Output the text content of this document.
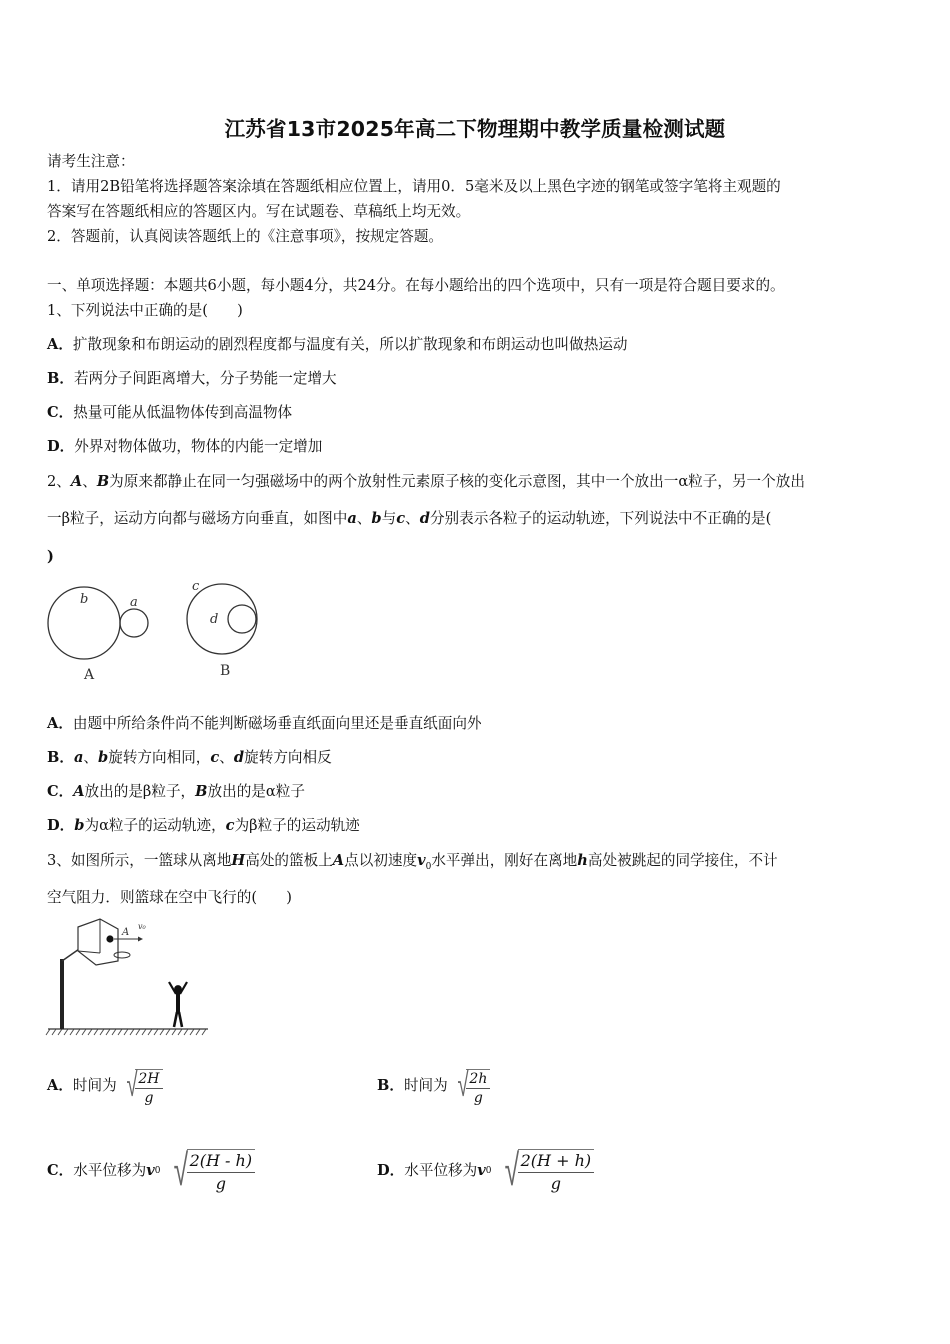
江苏省13市2025年高二下物理期中教学质量检测试题
请考生注意：
1．请用2B铅笔将选择题答案涂填在答题纸相应位置上，请用0．5毫米及以上黑色字迹的钢笔或签字笔将主观题的
答案写在答题纸相应的答题区内。写在试题卷、草稿纸上均无效。
2．答题前，认真阅读答题纸上的《注意事项》，按规定答题。
一、单项选择题：本题共6小题，每小题4分，共24分。在每小题给出的四个选项中，只有一项是符合题目要求的。
1、下列说法中正确的是(　　)
A．扩散现象和布朗运动的剧烈程度都与温度有关，所以扩散现象和布朗运动也叫做热运动
B．若两分子间距离增大，分子势能一定增大
C．热量可能从低温物体传到高温物体
D．外界对物体做功，物体的内能一定增加
2、A、B为原来都静止在同一匀强磁场中的两个放射性元素原子核的变化示意图，其中一个放出一α粒子，另一个放出
一β粒子，运动方向都与磁场方向垂直，如图中a、b与c、d分别表示各粒子的运动轨迹，下列说法中不正确的是(
)
b	a
A
c
d
B
A．由题中所给条件尚不能判断磁场垂直纸面向里还是垂直纸面向外
B．a、b旋转方向相同，c、d旋转方向相反
C．A放出的是β粒子，B放出的是α粒子
D．b为α粒子的运动轨迹，c为β粒子的运动轨迹
3、如图所示，一篮球从离地H高处的篮板上A点以初速度$v_0$水平弹出，刚好在离地h高处被跳起的同学接住，不计
空气阻力．则篮球在空中飞行的(　　)
A
v₀
A． 时间为 √
$\frac{2H}{g}$	B． 时间为 √
$\frac{2h}{g}$
C． 水平位移为 v 0 √
$\frac{2(H - h)}{g}$	D． 水平位移为 v 0 √
$\frac{2(H + h)}{g}$
